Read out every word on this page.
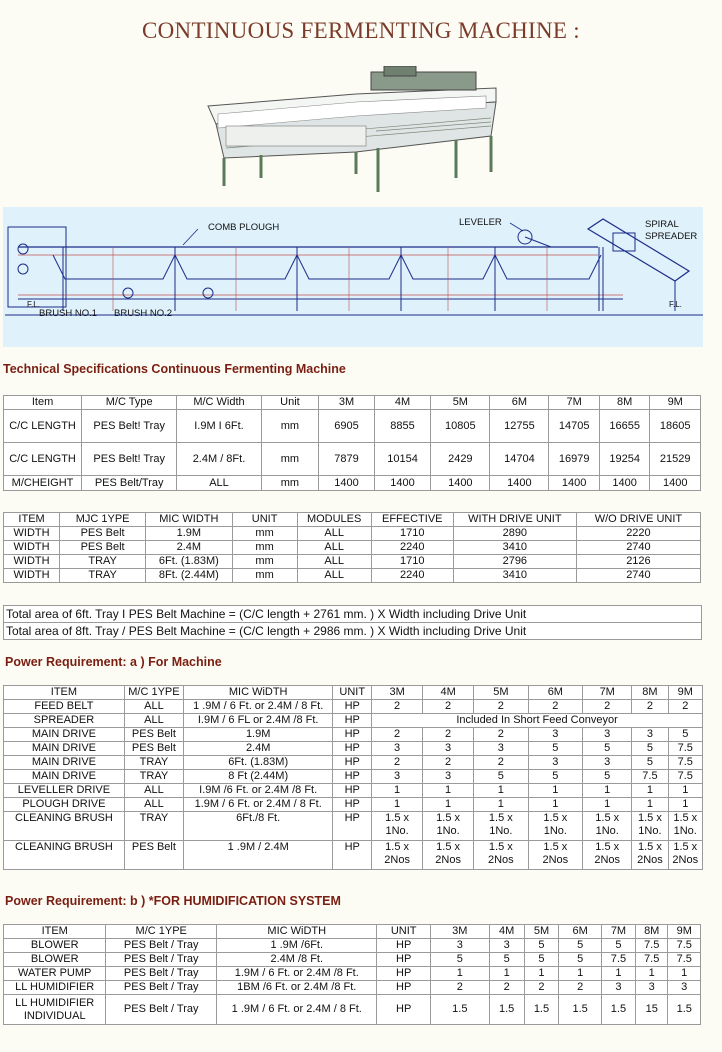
CONTINUOUS FERMENTING MACHINE :
COMB PLOUGH	LEVELER	SPIRAL
SPREADER
F.L.	F.L.
BRUSH NO.1 BRUSH NO.2
Technical Specifications Continuous Fermenting Machine
Item	M/C Type	M/C Width	Unit	3M	4M	5M	6M	7M	8M	9M
C/C LENGTH	PES Belt! Tray	I.9M I 6Ft.	mm	6905	8855	10805	12755	14705	16655	18605
C/C LENGTH	PES Belt! Tray	2.4M / 8Ft.	mm	7879	10154	2429	14704	16979	19254	21529
M/CHEIGHT	PES Belt/Tray	ALL	mm	1400	1400	1400	1400	1400	1400	1400
ITEM	MJC 1YPE	MIC WIDTH	UNIT	MODULES	EFFECTIVE	WITH DRIVE UNIT	W/O DRIVE UNIT
WIDTH	PES Belt	1.9M	mm	ALL	1710	2890	2220
WIDTH	PES Belt	2.4M	mm	ALL	2240	3410	2740
WIDTH	TRAY	6Ft. (1.83M)	mm	ALL	1710	2796	2126
WIDTH	TRAY	8Ft. (2.44M)	mm	ALL	2240	3410	2740
Total area of 6ft. Tray I PES Belt Machine = (C/C length + 2761 mm. ) X Width including Drive Unit
Total area of 8ft. Tray / PES Belt Machine = (C/C length + 2986 mm. ) X Width including Drive Unit
Power Requirement: a ) For Machine
ITEM	M/C 1YPE	MIC WiDTH	UNIT	3M	4M	5M	6M	7M	8M	9M
FEED BELT	ALL	1 .9M / 6 Ft. or 2.4M / 8 Ft.	HP	2	2	2	2	2	2	2
SPREADER	ALL	I.9M / 6 FL or 2.4M /8 Ft.	HP	Included In Short Feed Conveyor						
MAIN DRIVE	PES Belt	1.9M	HP	2	2	2	3	3	3	5
MAIN DRIVE	PES Belt	2.4M	HP	3	3	3	5	5	5	7.5
MAIN DRIVE	TRAY	6Ft. (1.83M)	HP	2	2	2	3	3	5	7.5
MAIN DRIVE	TRAY	8 Ft (2.44M)	HP	3	3	5	5	5	7.5	7.5
LEVELLER DRIVE	ALL	I.9M /6 Ft. or 2.4M /8 Ft.	HP	1	1	1	1	1	1	1
PLOUGH DRIVE	ALL	1.9M / 6 Ft. or 2.4M / 8 Ft.	HP	1	1	1	1	1	1	1
CLEANING BRUSH	TRAY	6Ft./8 Ft.	HP	1.5 x 1No.	1.5 x 1No.	1.5 x 1No.	1.5 x 1No.	1.5 x 1No.	1.5 x 1No.	1.5 x 1No.
CLEANING BRUSH	PES Belt	1 .9M / 2.4M	HP	1.5 x 2Nos	1.5 x 2Nos	1.5 x 2Nos	1.5 x 2Nos	1.5 x 2Nos	1.5 x 2Nos	1.5 x 2Nos
Power Requirement: b ) *FOR HUMIDIFICATION SYSTEM
ITEM	M/C 1YPE	MIC WiDTH	UNIT	3M	4M	5M	6M	7M	8M	9M
BLOWER	PES Belt / Tray	1 .9M /6Ft.	HP	3	3	5	5	5	7.5	7.5
BLOWER	PES Belt / Tray	2.4M /8 Ft.	HP	5	5	5	5	7.5	7.5	7.5
WATER PUMP	PES Belt / Tray	1.9M / 6 Ft. or 2.4M /8 Ft.	HP	1	1	1	1	1	1	1
LL HUMIDIFIER	PES Belt / Tray	1BM /6 Ft. or 2.4M /8 Ft.	HP	2	2	2	2	3	3	3
LL HUMIDIFIER INDIVIDUAL	PES Belt / Tray	1 .9M / 6 Ft. or 2.4M / 8 Ft.	HP	1.5	1.5	1.5	1.5	1.5	15	1.5
